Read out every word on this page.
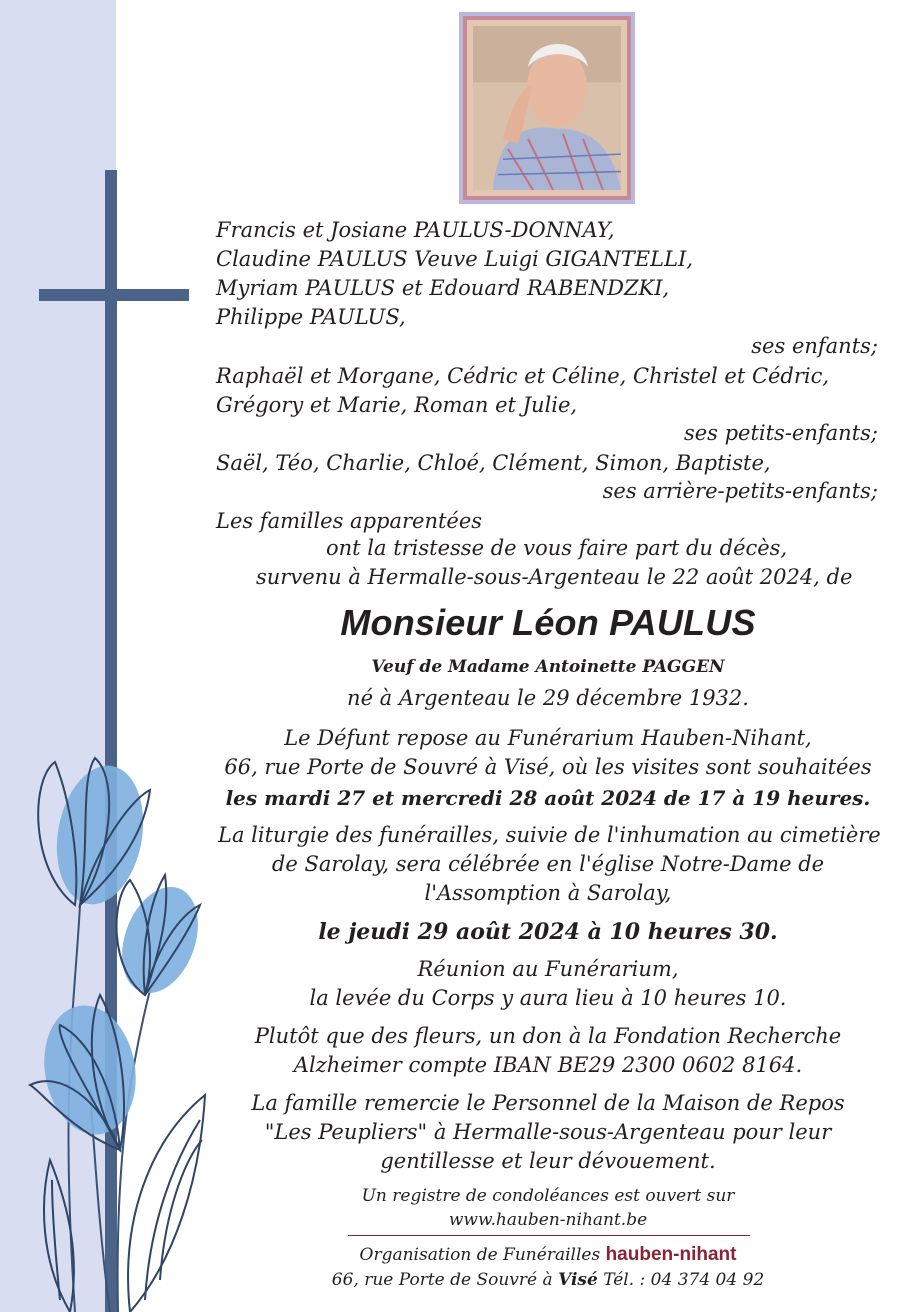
Francis et Josiane PAULUS-DONNAY,
Claudine PAULUS Veuve Luigi GIGANTELLI,
Myriam PAULUS et Edouard RABENDZKI,
Philippe PAULUS,
ses enfants;
Raphaël et Morgane, Cédric et Céline, Christel et Cédric,
Grégory et Marie, Roman et Julie,
ses petits-enfants;
Saël, Téo, Charlie, Chloé, Clément, Simon, Baptiste,
ses arrière-petits-enfants;
Les familles apparentées
ont la tristesse de vous faire part du décès,
survenu à Hermalle-sous-Argenteau le 22 août 2024, de
Monsieur Léon PAULUS
Veuf de Madame Antoinette PAGGEN
né à Argenteau le 29 décembre 1932.
Le Défunt repose au Funérarium Hauben-Nihant,
66, rue Porte de Souvré à Visé, où les visites sont souhaitées
les mardi 27 et mercredi 28 août 2024 de 17 à 19 heures.
La liturgie des funérailles, suivie de l'inhumation au cimetière
de Sarolay, sera célébrée en l'église Notre-Dame de
l'Assomption à Sarolay,
le jeudi 29 août 2024 à 10 heures 30.
Réunion au Funérarium,
la levée du Corps y aura lieu à 10 heures 10.
Plutôt que des fleurs, un don à la Fondation Recherche
Alzheimer compte IBAN BE29 2300 0602 8164.
La famille remercie le Personnel de la Maison de Repos
"Les Peupliers" à Hermalle-sous-Argenteau pour leur
gentillesse et leur dévouement.
Un registre de condoléances est ouvert sur
www.hauben-nihant.be
Organisation de Funérailles hauben-nihant
66, rue Porte de Souvré à Visé Tél. : 04 374 04 92
